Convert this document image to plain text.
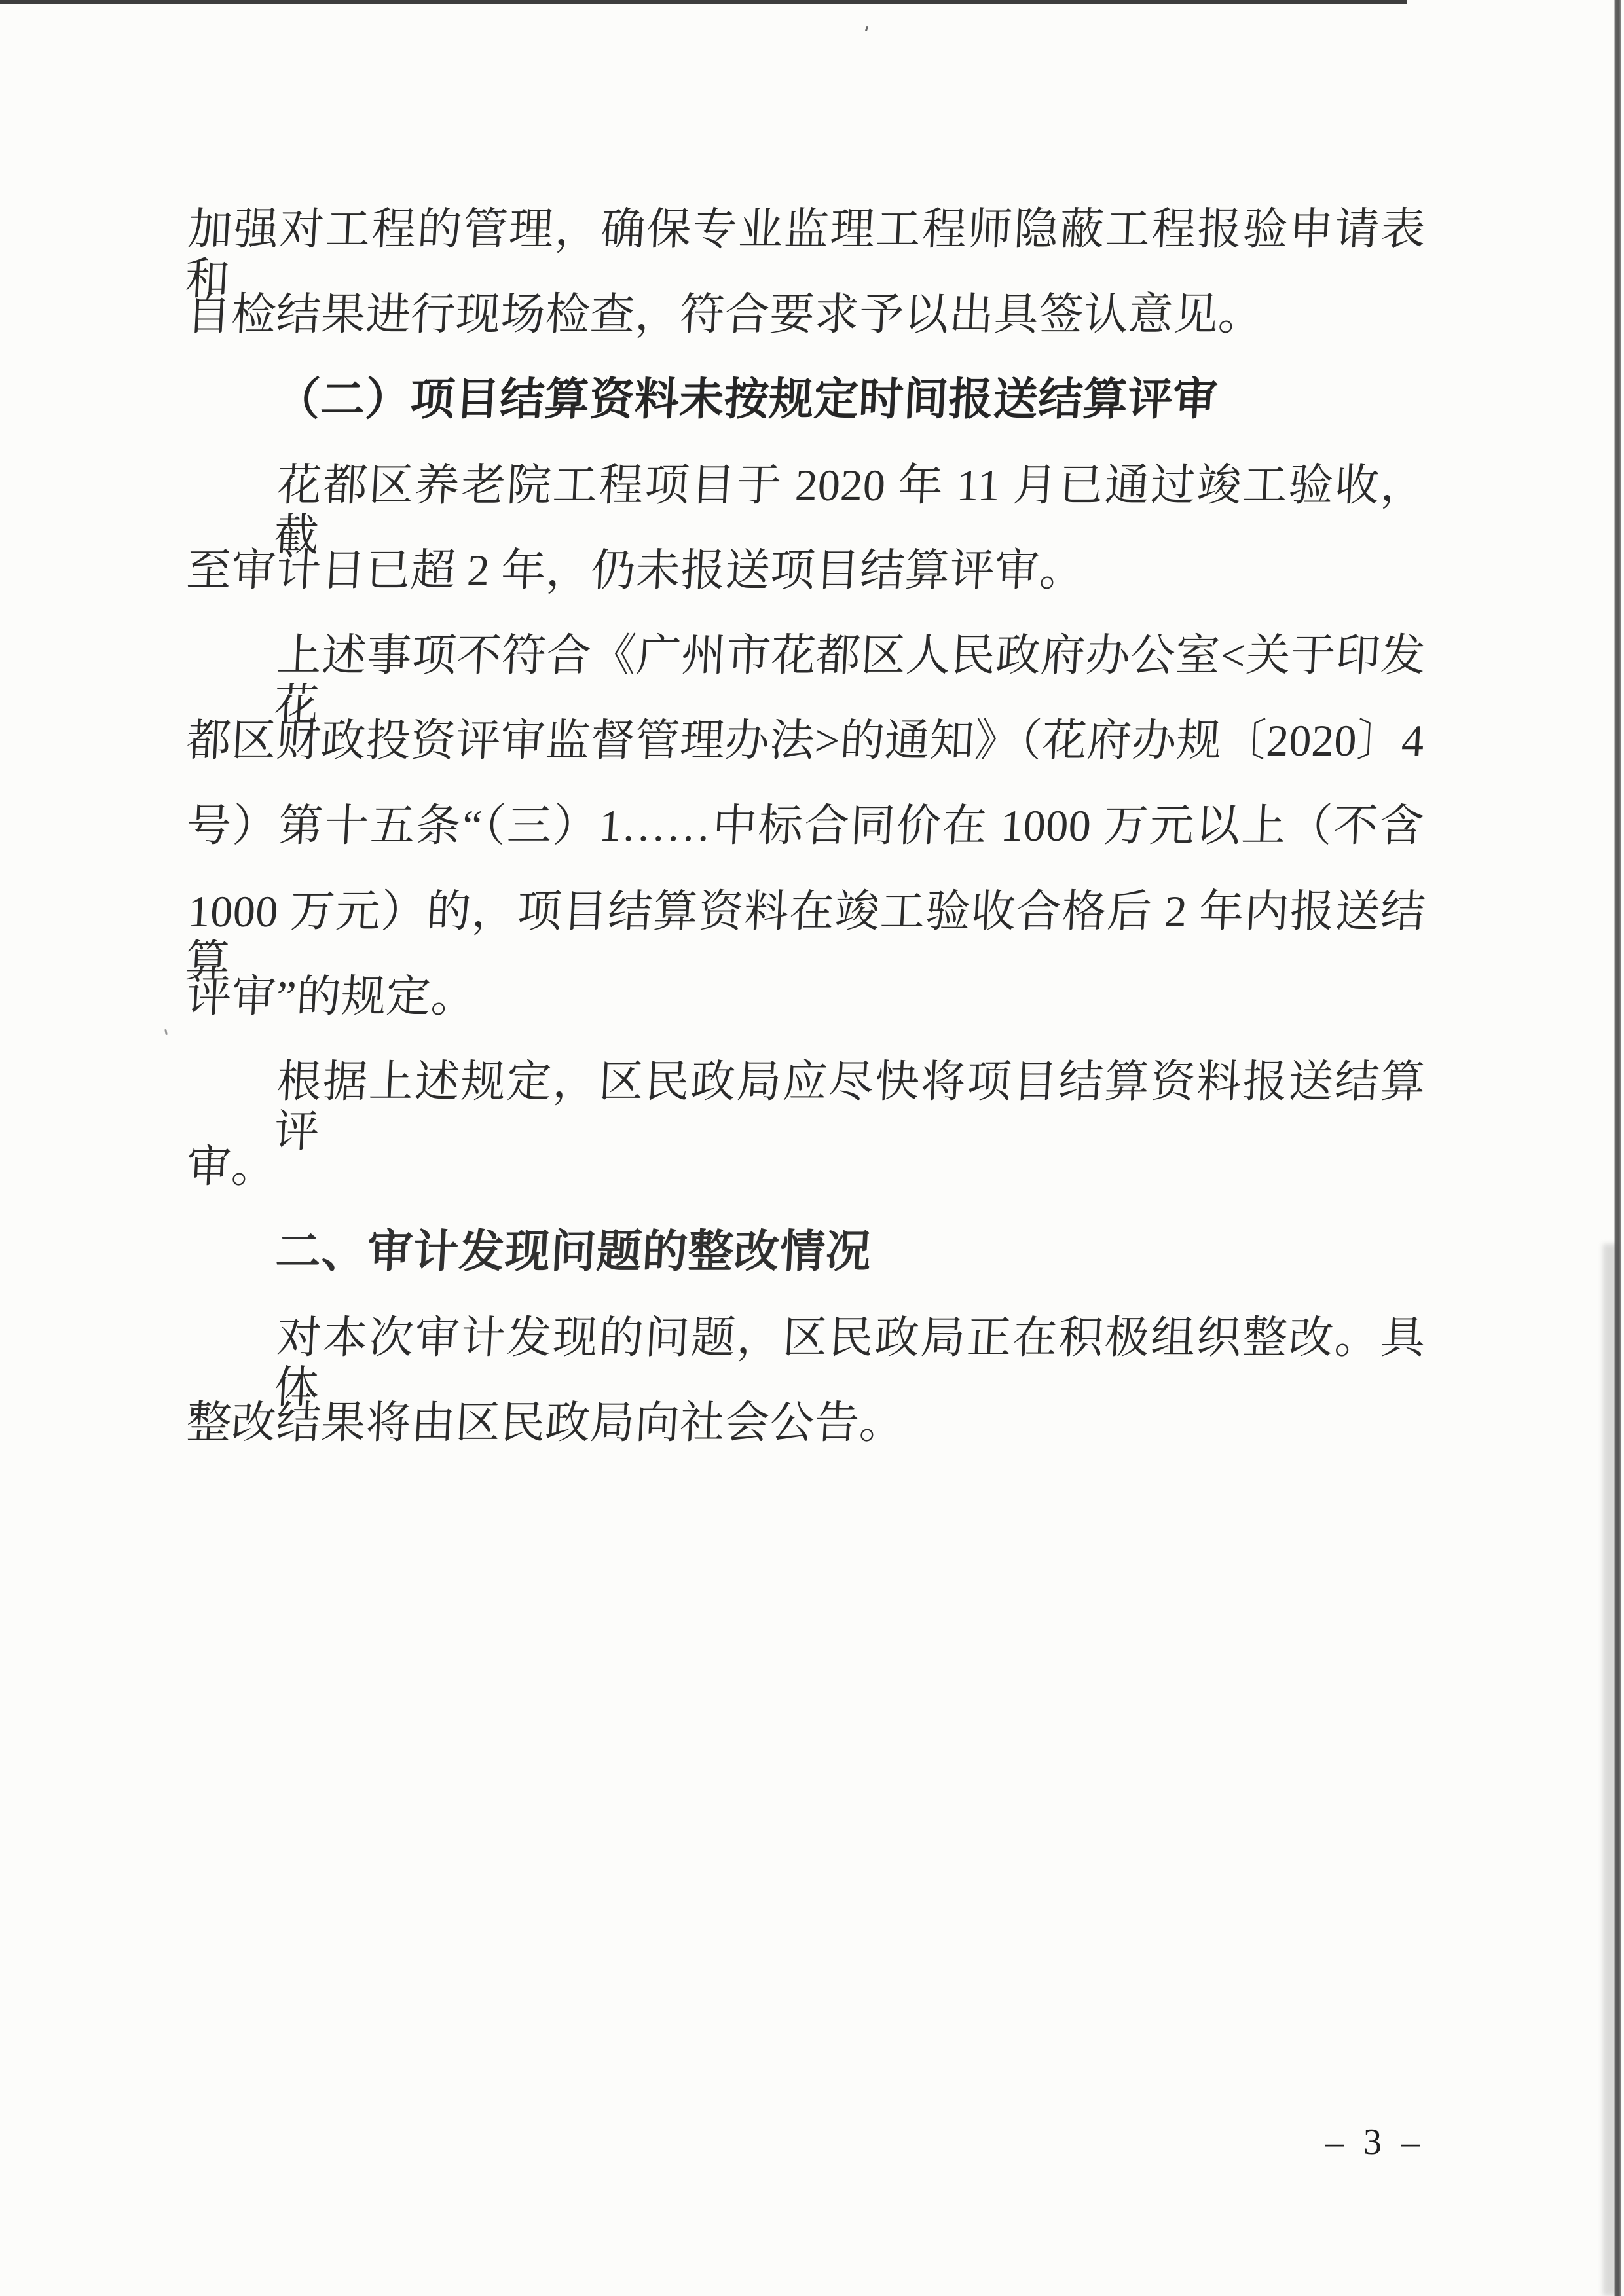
加强对工程的管理，确保专业监理工程师隐蔽工程报验申请表和
自检结果进行现场检查，符合要求予以出具签认意见。
（二）项目结算资料未按规定时间报送结算评审
花都区养老院工程项目于 2020 年 11 月已通过竣工验收，截
至审计日已超 2 年，仍未报送项目结算评审。
上述事项不符合《广州市花都区人民政府办公室<关于印发花
都区财政投资评审监督管理办法>的通知》（花府办规〔2020〕4
号）第十五条“（三）1……中标合同价在 1000 万元以上（不含
1000 万元）的，项目结算资料在竣工验收合格后 2 年内报送结算
评审”的规定。
根据上述规定，区民政局应尽快将项目结算资料报送结算评
审。
二、审计发现问题的整改情况
对本次审计发现的问题，区民政局正在积极组织整改。具体
整改结果将由区民政局向社会公告。
– 3 –
